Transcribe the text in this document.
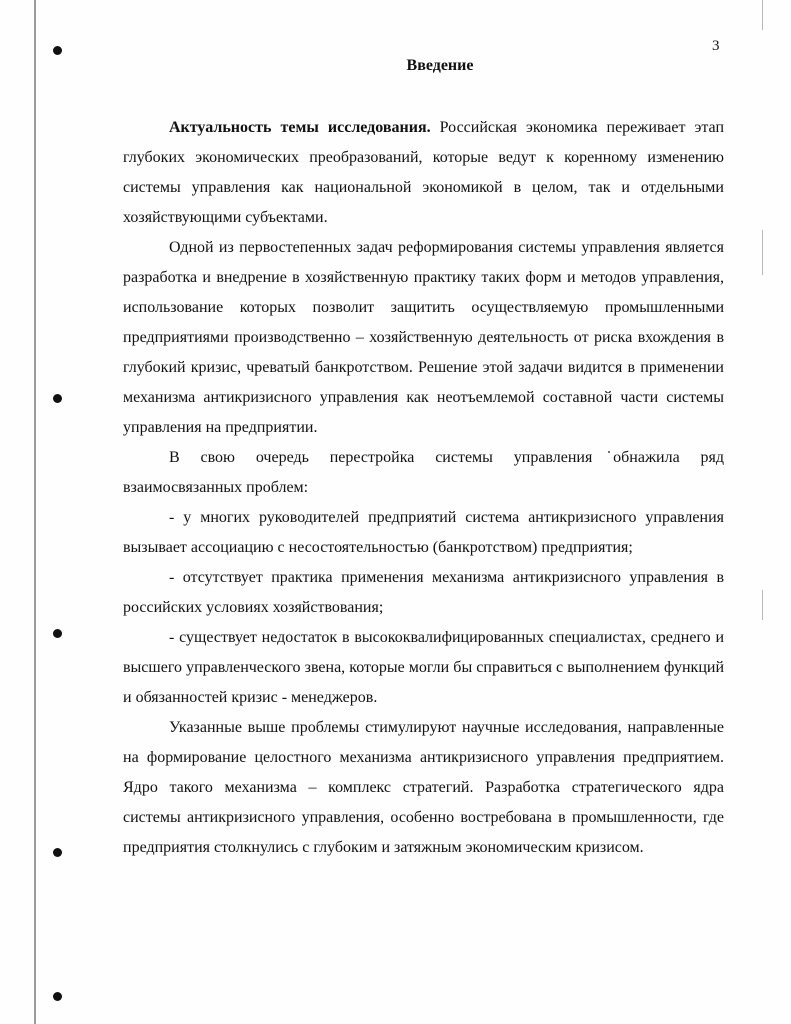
3
Введение

Актуальность темы исследования. Российская экономика переживает этап глубоких экономических преобразований, которые ведут к коренному изменению системы управления как национальной экономикой в целом, так и отдельными хозяйствующими субъектами.

Одной из первостепенных задач реформирования системы управления является разработка и внедрение в хозяйственную практику таких форм и методов управления, использование которых позволит защитить осуществляемую промышленными предприятиями производственно – хозяйственную деятельность от риска вхождения в глубокий кризис, чреватый банкротством. Решение этой задачи видится в применении механизма антикризисного управления как неотъемлемой составной части системы управления на предприятии.

В свою очередь перестройка системы управления обнажила ряд взаимосвязанных проблем:

- у многих руководителей предприятий система антикризисного управления вызывает ассоциацию с несостоятельностью (банкротством) предприятия;

- отсутствует практика применения механизма антикризисного управления в российских условиях хозяйствования;

- существует недостаток в высококвалифицированных специалистах, среднего и высшего управленческого звена, которые могли бы справиться с выполнением функций и обязанностей кризис - менеджеров.

Указанные выше проблемы стимулируют научные исследования, направленные на формирование целостного механизма антикризисного управления предприятием. Ядро такого механизма – комплекс стратегий. Разработка стратегического ядра системы антикризисного управления, особенно востребована в промышленности, где предприятия столкнулись с глубоким и затяжным экономическим кризисом.
